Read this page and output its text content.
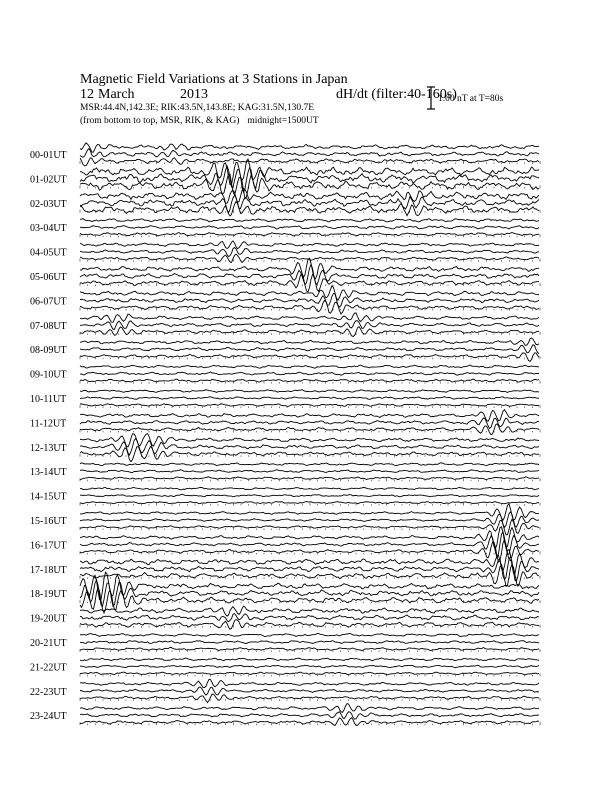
Magnetic Field Variations at 3 Stations in Japan
12 March	2013	dH/dt (filter:40-160s)
MSR:44.4N,142.3E; RIK:43.5N,143.8E; KAG:31.5N,130.7E
(from bottom to top, MSR, RIK, & KAG) midnight=1500UT
1.00 nT at T=80s
00-01UT
01-02UT
02-03UT
03-04UT
04-05UT
05-06UT
06-07UT
07-08UT
08-09UT
09-10UT
10-11UT
11-12UT
12-13UT
13-14UT
14-15UT
15-16UT
16-17UT
17-18UT
18-19UT
19-20UT
20-21UT
21-22UT
22-23UT
23-24UT
